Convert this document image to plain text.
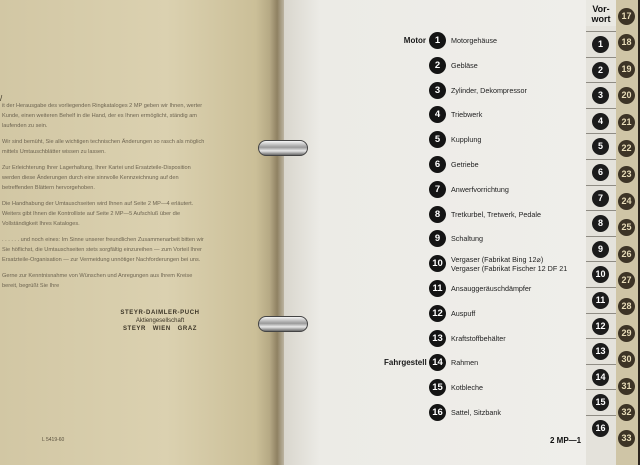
/

it der Herausgabe des vorliegenden Ringkataloges 2 MP geben wir Ihnen, werter Kunde, einen weiteren Behelf in die Hand, der es Ihnen ermöglicht, ständig am laufenden zu sein.

Wir sind bemüht, Sie alle wichtigen technischen Änderungen so rasch als möglich mittels Umtauschblätter wissen zu lassen.

Zur Erleichterung Ihrer Lagerhaltung, Ihrer Kartei und Ersatzteile-Disposition werden diese Änderungen durch eine sinnvolle Kennzeichnung auf den betreffenden Blättern hervorgehoben.

Die Handhabung der Umtauschseiten wird Ihnen auf Seite 2 MP—4 erläutert. Weiters gibt Ihnen die Kontrolliste auf Seite 2 MP—5 Aufschluß über die Vollständigkeit Ihres Kataloges.

. . . . . . und noch eines: Im Sinne unserer freundlichen Zusammenarbeit bitten wir Sie höflichst, die Umtauschseiten stets sorgfältig einzureihen — zum Vorteil Ihrer Ersatzteile-Organisation — zur Vermeidung unnötiger Nachforderungen bei uns.

Gerne zur Kenntnisnahme von Wünschen und Anregungen aus Ihrem Kreise bereit, begrüßt Sie Ihre

STEYR-DAIMLER-PUCH
Aktiengesellschaft
STEYR   WIEN   GRAZ
L 5419-60
Motor 1	Motorgehäuse
2	Gebläse
3	Zylinder, Dekompressor
4	Triebwerk
5	Kupplung
6	Getriebe
7	Anwerfvorrichtung
8	Tretkurbel, Tretwerk, Pedale
9	Schaltung
10	Vergaser (Fabrikat Bing 12⌀)
Vergaser (Fabrikat Fischer 12 DF 21
11	Ansauggeräuschdämpfer
12	Auspuff
13	Kraftstoffbehälter
Fahrgestell 14	Rahmen
15	Kotbleche
16	Sattel, Sitzbank
2 MP—1
Vor-
wort
1
2
3
4
5
6
7
8
9
10
11
12
13
14
15
16
17
18
19
20
21
22
23
24
25
26
27
28
29
30
31
32
33
